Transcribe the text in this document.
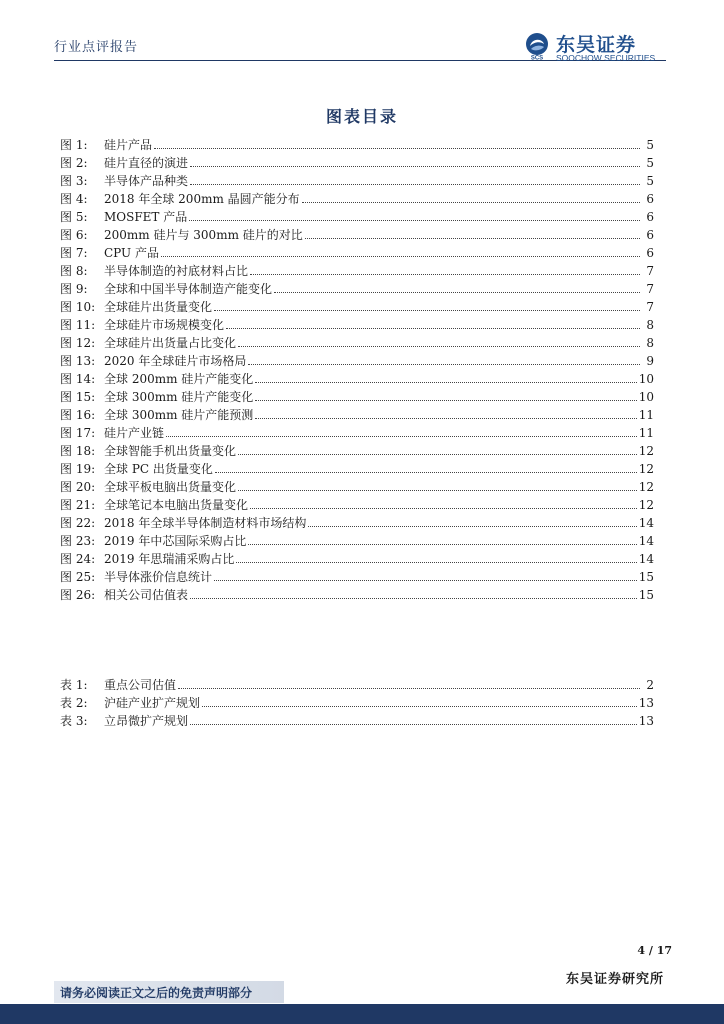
行业点评报告
SCS
东吴证券
SOOCHOW SECURITIES
图表目录
图 1:	硅片产品	5
图 2:	硅片直径的演进	5
图 3:	半导体产品种类	5
图 4:	2018 年全球 200mm 晶圆产能分布	6
图 5:	MOSFET 产品	6
图 6:	200mm 硅片与 300mm 硅片的对比	6
图 7:	CPU 产品	6
图 8:	半导体制造的衬底材料占比	7
图 9:	全球和中国半导体制造产能变化	7
图 10: 全球硅片出货量变化	7
图 11: 全球硅片市场规模变化	8
图 12: 全球硅片出货量占比变化	8
图 13: 2020 年全球硅片市场格局	9
图 14: 全球 200mm 硅片产能变化	10
图 15: 全球 300mm 硅片产能变化	10
图 16: 全球 300mm 硅片产能预测	11
图 17: 硅片产业链	11
图 18: 全球智能手机出货量变化	12
图 19: 全球 PC 出货量变化	12
图 20: 全球平板电脑出货量变化	12
图 21: 全球笔记本电脑出货量变化	12
图 22: 2018 年全球半导体制造材料市场结构	14
图 23: 2019 年中芯国际采购占比	14
图 24: 2019 年思瑞浦采购占比	14
图 25: 半导体涨价信息统计	15
图 26: 相关公司估值表	15
表 1:	重点公司估值	2
表 2:	沪硅产业扩产规划	13
表 3:	立昂微扩产规划	13
4 / 17
东吴证券研究所
请务必阅读正文之后的免责声明部分
